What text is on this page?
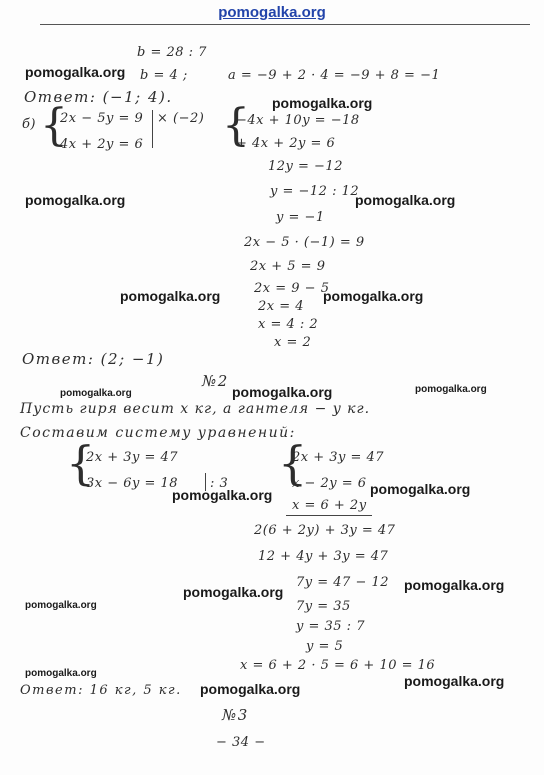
pomogalka.org
b = 28 : 7
b = 4 ;	a = −9 + 2 · 4 = −9 + 8 = −1
Ответ: (−1; 4).
б) {
2x − 5y = 9
4x + 2y = 6
× (−2) {
−4x + 10y = −18
+ 4x + 2y = 6
12y = −12
y = −12 : 12
y = −1
2x − 5 · (−1) = 9
2x + 5 = 9
2x = 9 − 5
2x = 4
x = 4 : 2
x = 2
Ответ: (2; −1)
№2
Пусть гиря весит x кг, а гантеля − y кг.
Составим систему уравнений:
{
2x + 3y = 47
3x − 6y = 18 : 3 {
2x + 3y = 47
x − 2y = 6
x = 6 + 2y
2(6 + 2y) + 3y = 47
12 + 4y + 3y = 47
7y = 47 − 12
7y = 35
y = 35 : 7
y = 5
x = 6 + 2 · 5 = 6 + 10 = 16
Ответ: 16 кг, 5 кг.
№3
− 34 −
pomogalka.org
pomogalka.org
pomogalka.org	pomogalka.org
pomogalka.org	pomogalka.org
pomogalka.org	pomogalka.org	pomogalka.org
pomogalka.org	pomogalka.org
pomogalka.org	pomogalka.org
pomogalka.org
pomogalka.org
pomogalka.org	pomogalka.org
